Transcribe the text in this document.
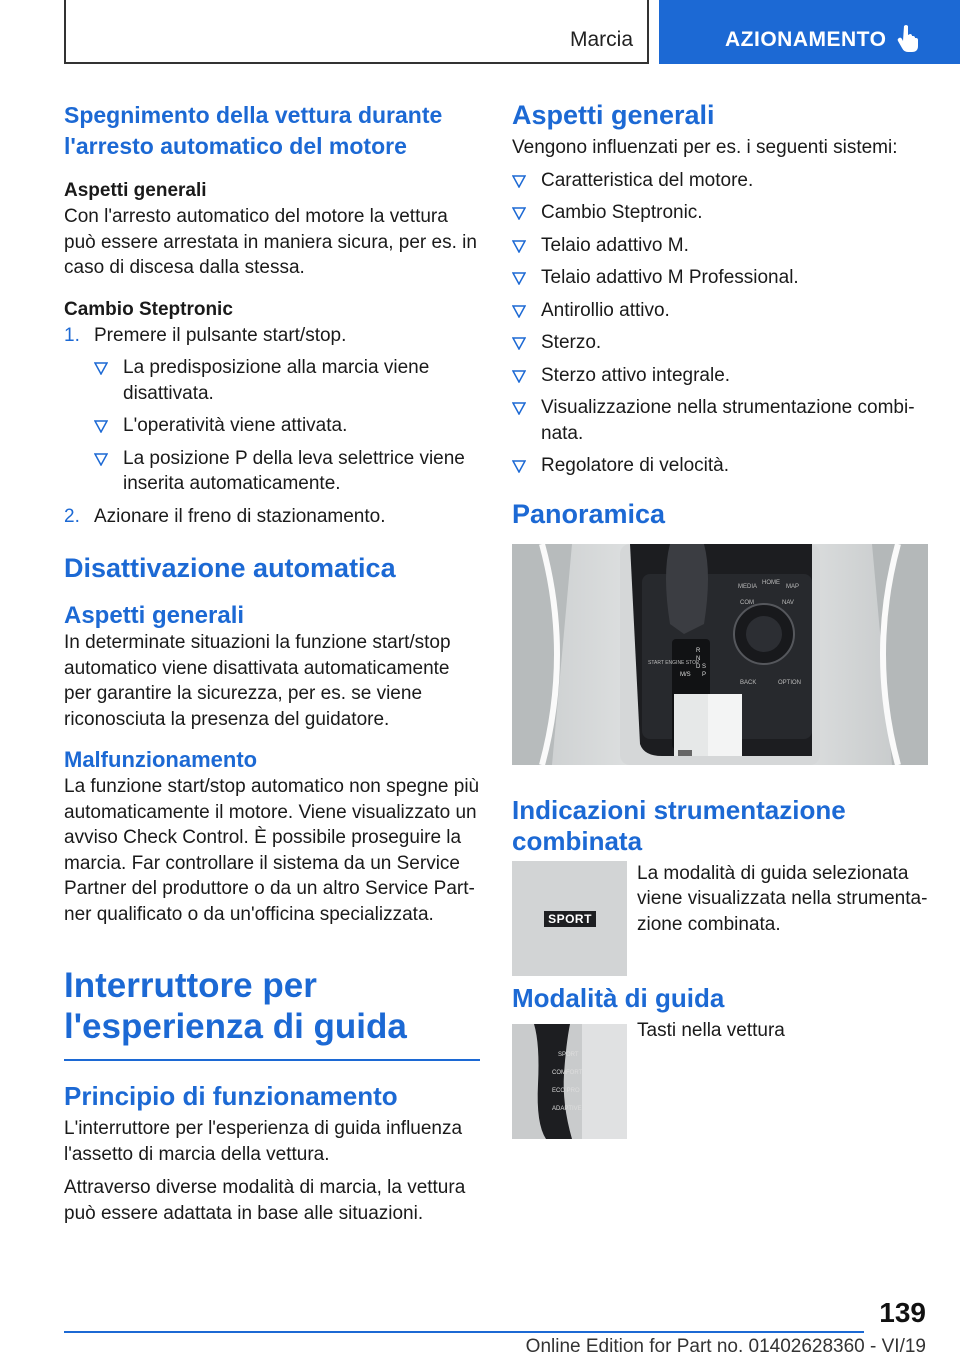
Marcia	AZIONAMENTO
Spegnimento della vettura durante l'arresto automatico del motore
Aspetti generali

Con l'arresto automatico del motore la vettura può essere arrestata in maniera sicura, per es. in caso di discesa dalla stessa.

Cambio Steptronic
1. Premere il pulsante start/stop.
La predisposizione alla marcia viene disattivata.
L'operatività viene attivata.
La posizione P della leva selettrice viene inserita automaticamente.
2. Azionare il freno di stazionamento.
Disattivazione automatica
Aspetti generali

In determinate situazioni la funzione start/stop automatico viene disattivata automaticamente per garantire la sicurezza, per es. se viene riconosciuta la presenza del guidatore.

Malfunzionamento

La funzione start/stop automatico non spegne più automaticamente il motore. Viene visualizzato un avviso Check Control. È possibile proseguire la marcia. Far controllare il sistema da un Service Partner del produttore o da un altro Service Partner qualificato o da un'officina specializzata.

Interruttore per l'esperienza di guida
Principio di funzionamento

L'interruttore per l'esperienza di guida influenza l'assetto di marcia della vettura.

Attraverso diverse modalità di marcia, la vettura può essere adattata in base alle situazioni.

Aspetti generali

Vengono influenzati per es. i seguenti sistemi:

Caratteristica del motore.
Cambio Steptronic.
Telaio adattivo M.
Telaio adattivo M Professional.
Antirollio attivo.
Sterzo.
Sterzo attivo integrale.
Visualizzazione nella strumentazione combinata.
Regolatore di velocità.
Panoramica
MEDIA
HOME
MAP
COM	NAV
BACK	OPTION
START ENGINE STOP
R
N
D S
P
M/S
Indicazioni strumentazione combinata
SPORT

La modalità di guida selezionata viene visualizzata nella strumentazione combinata.

Modalità di guida
SPORT
COMFORT
ECO PRO
ADAPTIVE

Tasti nella vettura

139
Online Edition for Part no. 01402628360 - VI/19
